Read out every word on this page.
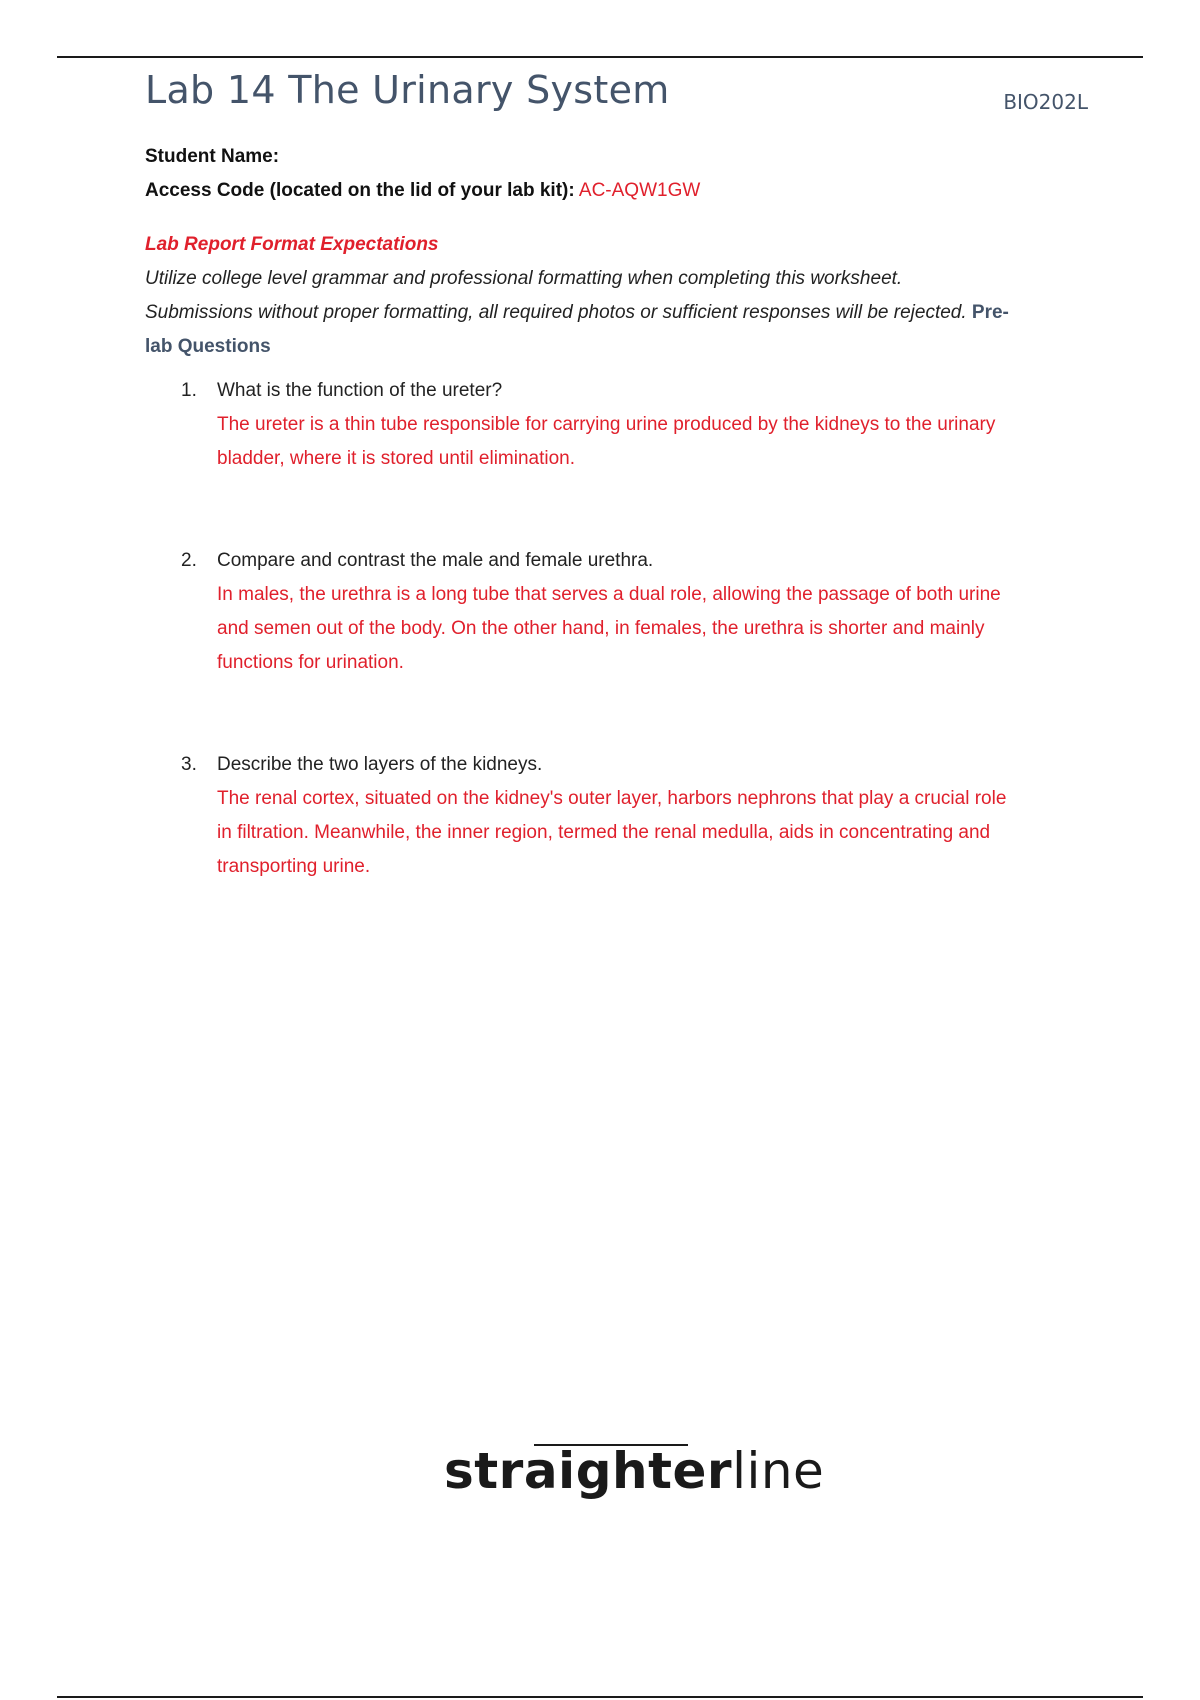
Lab 14 The Urinary System	BIO202L
Student Name:
Access Code (located on the lid of your lab kit): AC-AQW1GW
Lab Report Format Expectations
Utilize college level grammar and professional formatting when completing this worksheet.
Submissions without proper formatting, all required photos or sufficient responses will be rejected. Pre-
lab Questions
1. What is the function of the ureter?
The ureter is a thin tube responsible for carrying urine produced by the kidneys to the urinary
bladder, where it is stored until elimination.
2. Compare and contrast the male and female urethra.
In males, the urethra is a long tube that serves a dual role, allowing the passage of both urine
and semen out of the body. On the other hand, in females, the urethra is shorter and mainly
functions for urination.
3. Describe the two layers of the kidneys.
The renal cortex, situated on the kidney's outer layer, harbors nephrons that play a crucial role
in filtration. Meanwhile, the inner region, termed the renal medulla, aids in concentrating and
transporting urine.
straighterline
